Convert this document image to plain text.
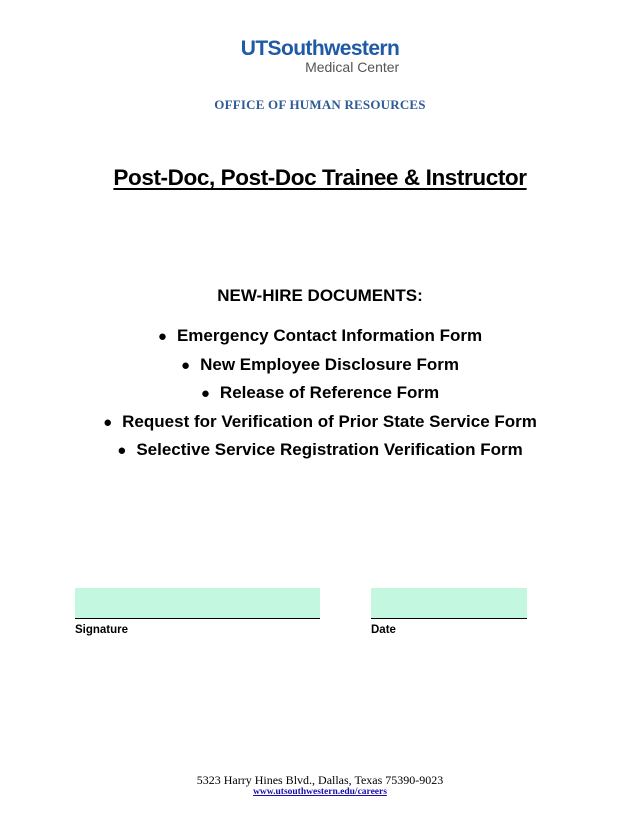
UTSouthwestern
Medical Center
OFFICE OF HUMAN RESOURCES
Post-Doc, Post-Doc Trainee & Instructor
NEW-HIRE DOCUMENTS:
● Emergency Contact Information Form
● New Employee Disclosure Form
● Release of Reference Form
● Request for Verification of Prior State Service Form
● Selective Service Registration Verification Form
Signature	Date
5323 Harry Hines Blvd., Dallas, Texas 75390-9023
www.utsouthwestern.edu/careers
